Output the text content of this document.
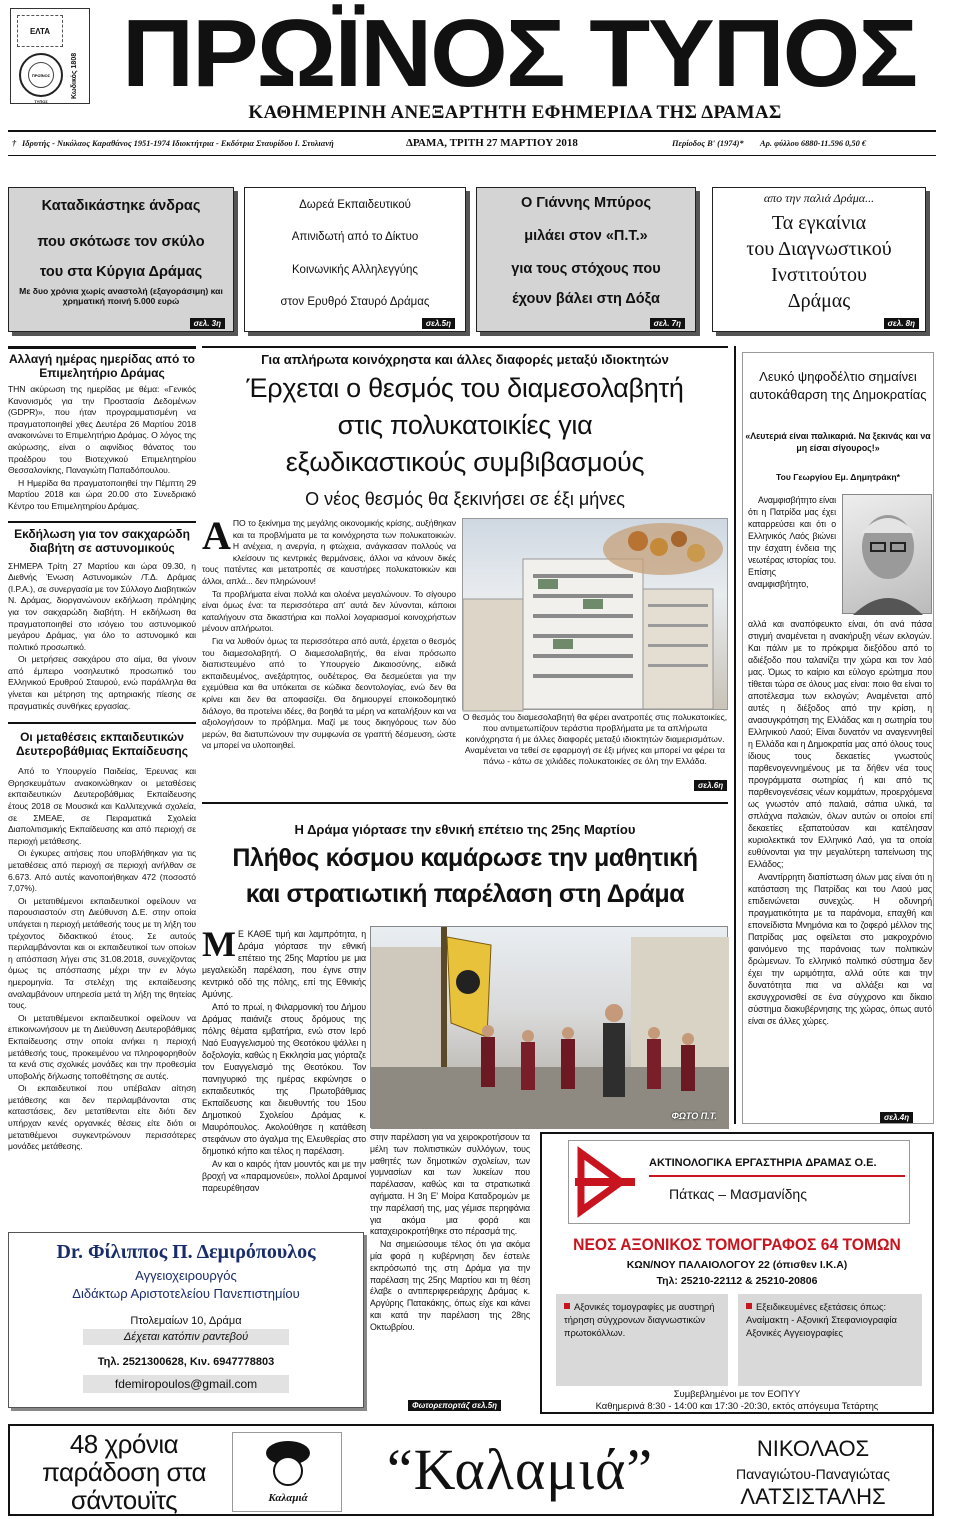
ΕΛΤΑ
ΠΡΩΪΝΟΣ ΤΥΠΟΣ
Κωδικός 1808 ΠΡΩΪΝΟΣ ΤΥΠΟΣ
ΚΑΘΗΜΕΡΙΝΗ ΑΝΕΞΑΡΤΗΤΗ ΕΦΗΜΕΡΙΔΑ ΤΗΣ ΔΡΑΜΑΣ
† Ιδρυτής - Νικόλαος Καραθάνος 1951-1974 Ιδιοκτήτρια - Εκδότρια Σταυρίδου Ι. Στυλιανή	ΔΡΑΜΑ, ΤΡΙΤΗ 27 ΜΑΡΤΙΟΥ 2018	Περίοδος Β' (1974)* Αρ. φύλλου 6880-11.596 0,50 €
Καταδικάστηκε άνδρας
που σκότωσε τον σκύλο
του στα Κύργια Δράμας
Με δυο χρόνια χωρίς αναστολή (εξαγοράσιμη) και χρηματική ποινή 5.000 ευρώ
σελ. 3η
Δωρεά Εκπαιδευτικού
Απινιδωτή από το Δίκτυο
Κοινωνικής Αλληλεγγύης
στον Ερυθρό Σταυρό Δράμας
σελ.5η
Ο Γιάννης Μπύρος
μιλάει στον «Π.Τ.»
για τους στόχους που
έχουν βάλει στη Δόξα
σελ. 7η
απο την παλιά Δράμα...
Τα εγκαίνια
του Διαγνωστικού
Ινστιτούτου
Δράμας
σελ. 8η
Αλλαγή ημέρας ημερίδας από το Επιμελητήριο Δράμας

ΤΗΝ ακύρωση της ημερίδας με θέμα: «Γενικός Κανονισμός για την Προστασία Δεδομένων (GDPR)», που ήταν προγραμματισμένη να πραγματοποιηθεί χθες Δευτέρα 26 Μαρτίου 2018 ανακοινώνει το Επιμελητήριο Δράμας. Ο λόγος της ακύρωσης, είναι ο αιφνίδιος θάνατος του προέδρου του Βιοτεχνικού Επιμελητηρίου Θεσσαλονίκης, Παναγιώτη Παπαδόπουλου.

Η Ημερίδα θα πραγματοποιηθεί την Πέμπτη 29 Μαρτίου 2018 και ώρα 20.00 στο Συνεδριακό Κέντρο του Επιμελητηρίου Δράμας.

Εκδήλωση για τον σακχαρώδη διαβήτη σε αστυνομικούς

ΣΗΜΕΡΑ Τρίτη 27 Μαρτίου και ώρα 09.30, η Διεθνής Ένωση Αστυνομικών /Τ.Δ. Δράμας (I.P.A.), σε συνεργασία με τον Σύλλογο Διαβητικών Ν. Δράμας, διοργανώνουν εκδήλωση πρόληψης για τον σακχαρώδη διαβήτη. Η εκδήλωση θα πραγματοποιηθεί στο ισόγειο του αστυνομικού μεγάρου Δράμας, για όλο το αστυνομικό και πολιτικό προσωπικό.

Οι μετρήσεις σακχάρου στο αίμα, θα γίνουν από έμπειρο νοσηλευτικό προσωπικό του Ελληνικού Ερυθρού Σταυρού, ενώ παράλληλα θα γίνεται και μέτρηση της αρτηριακής πίεσης σε πραγματικές συνθήκες εργασίας.

Οι μεταθέσεις εκπαιδευτικών Δευτεροβάθμιας Εκπαίδευσης

Από το Υπουργείο Παιδείας, Έρευνας και Θρησκευμάτων ανακοινώθηκαν οι μεταθέσεις εκπαιδευτικών Δευτεροβάθμιας Εκπαίδευσης έτους 2018 σε Μουσικά και Καλλιτεχνικά σχολεία, σε ΣΜΕΑΕ, σε Πειραματικά Σχολεία Διαπολιτισμικής Εκπαίδευσης και από περιοχή σε περιοχή μετάθεσης.

Οι έγκυρες αιτήσεις που υποβλήθηκαν για τις μεταθέσεις από περιοχή σε περιοχή ανήλθαν σε 6.673. Από αυτές ικανοποιήθηκαν 472 (ποσοστό 7,07%).

Οι μετατιθέμενοι εκπαιδευτικοί οφείλουν να παρουσιαστούν στη Διεύθυνση Δ.Ε. στην οποία υπάγεται η περιοχή μετάθεσής τους με τη λήξη του τρέχοντος διδακτικού έτους. Σε αυτούς περιλαμβάνονται και οι εκπαιδευτικοί των οποίων η απόσπαση λήγει στις 31.08.2018, συνεχίζοντας όμως τις απόσπασης μέχρι την εν λόγω ημερομηνία. Τα στελέχη της εκπαίδευσης αναλαμβάνουν υπηρεσία μετά τη λήξη της θητείας τους.

Οι μετατιθέμενοι εκπαιδευτικοί οφείλουν να επικοινωνήσουν με τη Διεύθυνση Δευτεροβάθμιας Εκπαίδευσης στην οποία ανήκει η περιοχή μετάθεσής τους, προκειμένου να πληροφορηθούν τα κενά στις σχολικές μονάδες και την προθεσμία υποβολής δήλωσης τοποθέτησης σε αυτές.

Οι εκπαιδευτικοί που υπέβαλαν αίτηση μετάθεσης και δεν περιλαμβάνονται στις καταστάσεις, δεν μετατίθενται είτε διότι δεν υπήρχαν κενές οργανικές θέσεις είτε διότι οι μετατιθέμενοι συγκεντρώνουν περισσότερες μονάδες μετάθεσης.

Για απλήρωτα κοινόχρηστα και άλλες διαφορές μεταξύ ιδιοκτητών
Έρχεται ο θεσμός του διαμεσολαβητή
στις πολυκατοικίες για
εξωδικαστικούς συμβιβασμούς
Ο νέος θεσμός θα ξεκινήσει σε έξι μήνες
Α ΠΟ το ξεκίνημα της μεγάλης οικονομικής κρίσης, αυξήθηκαν και τα προβλήματα με τα κοινόχρηστα των πολυκατοικιών. Η ανέχεια, η ανεργία, η φτώχεια, ανάγκασαν πολλούς να κλείσουν τις κεντρικές θερμάνσεις, άλλοι να κάνουν δικές τους πατέντες και μετατροπές σε καυστήρες πολυκατοικιών και άλλοι, απλά... δεν πληρώνουν!

Τα προβλήματα είναι πολλά και ολοένα μεγαλώνουν. Το σίγουρο είναι όμως ένα: τα περισσότερα απ' αυτά δεν λύνονται, κάποιοι καταλήγουν στα δικαστήρια και πολλοί λογαριασμοί κοινοχρήστων μένουν απλήρωτοι.

Για να λυθούν όμως τα περισσότερα από αυτά, έρχεται ο θεσμός του διαμεσολαβητή. Ο διαμεσολαβητής, θα είναι πρόσωπο διαπιστευμένο από το Υπουργείο Δικαιοσύνης, ειδικά εκπαιδευμένος, ανεξάρτητος, ουδέτερος. Θα δεσμεύεται για την εχεμύθεια και θα υπόκειται σε κώδικα δεοντολογίας, ενώ δεν θα κρίνει και δεν θα αποφασίζει. Θα δημιουργεί εποικοδομητικό διάλογο, θα προτείνει ιδέες, θα βοηθά τα μέρη να καταλήξουν και να αξιολογήσουν το πρόβλημα. Μαζί με τους δικηγόρους των δύο μερών, θα διατυπώνουν την συμφωνία σε γραπτή δέσμευση, ώστε να μπορεί να υλοποιηθεί.

Ο θεσμός του διαμεσολαβητή θα φέρει ανατροπές στις πολυκατοικίες, που αντιμετωπίζουν τεράστια προβλήματα με τα απλήρωτα κοινόχρηστα ή με άλλες διαφορές μεταξύ ιδιοκτητών διαμερισμάτων. Αναμένεται να τεθεί σε εφαρμογή σε έξι μήνες και μπορεί να φέρει τα πάνω - κάτω σε χιλιάδες πολυκατοικίες σε όλη την Ελλάδα.
σελ.6η
Λευκό ψηφοδέλτιο σημαίνει αυτοκάθαρση της Δημοκρατίας
«Λευτεριά είναι παλικαριά. Να ξεκινάς και να μη είσαι σίγουρος!»
Του Γεωργίου Εμ. Δημητράκη*

Αναμφισβήτητο είναι ότι η Πατρίδα μας έχει καταρρεύσει και ότι ο Ελληνικός Λαός βιώνει την έσχατη ένδεια της νεωτέρας ιστορίας του. Επίσης αναμφισβήτητο,

αλλά και αναπόφευκτο είναι, ότι ανά πάσα στιγμή αναμένεται η ανακήρυξη νέων εκλογών. Και πάλιν με το πρόκριμα διεξόδου από το αδιέξοδο που ταλανίζει την χώρα και τον λαό μας. Όμως το καίριο και εύλογο ερώτημα που τίθεται τώρα σε όλους μας είναι: ποιο θα είναι το αποτέλεσμα των εκλογών; Αναμένεται από αυτές η διέξοδος από την κρίση, η ανασυγκρότηση της Ελλάδας και η σωτηρία του Ελληνικού Λαού; Είναι δυνατόν να αναγεννηθεί η Ελλάδα και η Δημοκρατία μας από όλους τους ίδιους τους δεκαετίες γνωστούς παρθενογεννημένους με τα δήθεν νέα τους προγράμματα σωτηρίας ή και από τις παρθενογενέσεις νέων κομμάτων, προερχόμενα ως γνωστόν από παλαιά, σάπια υλικά, τα σπλάχνα παλαιών, όλων αυτών οι οποίοι επί δεκαετίες εξαπατούσαν και κατέλησαν κυριολεκτικά τον Ελληνικό Λαό, για τα οποία ευθύνονται για την μεγαλύτερη ταπείνωση της Ελλάδος;

Αναντίρρητη διαπίστωση όλων μας είναι ότι η κατάσταση της Πατρίδας και του Λαού μας επιδεινώνεται συνεχώς. Η οδυνηρή πραγματικότητα με τα παράνομα, επαχθή και επονείδιστα Μνημόνια και το ζοφερό μέλλον της Πατρίδας μας οφείλεται στο μακροχρόνιο φαινόμενο της παράνοιας των πολιτικών δρώμενων. Το ελληνικό πολιτικό σύστημα δεν έχει την ωριμότητα, αλλά ούτε και την δυνατότητα πια να αλλάξει και να εκσυγχρονισθεί σε ένα σύγχρονο και δίκαιο σύστημα διακυβέρνησης της χώρας, όπως αυτό είναι σε άλλες χώρες.

σελ.4η
Η Δράμα γιόρτασε την εθνική επέτειο της 25ης Μαρτίου
Πλήθος κόσμου καμάρωσε την μαθητική
και στρατιωτική παρέλαση στη Δράμα
Μ Ε ΚΑΘΕ τιμή και λαμπρότητα, η Δράμα γιόρτασε την εθνική επέτειο της 25ης Μαρτίου με μια μεγαλειώδη παρέλαση, που έγινε στην κεντρικό οδό της πόλης, επί της Εθνικής Αμύνης.

Από το πρωί, η Φιλαρμονική του Δήμου Δράμας παιάνιζε στους δρόμους της πόλης θέματα εμβατήρια, ενώ στον Ιερό Ναό Ευαγγελισμού της Θεοτόκου ψάλλει η δοξολογία, καθώς η Εκκλησία μας γιόρταζε τον Ευαγγελισμό της Θεοτόκου. Τον πανηγυρικό της ημέρας εκφώνησε ο εκπαιδευτικός της Πρωτοβάθμιας Εκπαίδευσης και διευθυντής του 15ου Δημοτικού Σχολείου Δράμας κ. Μαυρόπουλος. Ακολούθησε η κατάθεση στεφάνων στο άγαλμα της Ελευθερίας στο δημοτικό κήπο και τέλος η παρέλαση.

Αν και ο καιρός ήταν μουντός και με την βροχή να «παραμονεύει», πολλοί Δραμινοί παρευρέθησαν

ΦΩΤΟ Π.Τ.

στην παρέλαση για να χειροκροτήσουν τα μέλη των πολιτιστικών συλλόγων, τους μαθητές των δημοτικών σχολείων, των γυμνασίων και των λυκείων που παρέλασαν, καθώς και τα στρατιωτικά αγήματα. Η 3η Ε' Μοίρα Καταδρομών με την παρέλασή της, μας γέμισε περηφάνια για ακόμα μια φορά και καταχειροκροτήθηκε στο πέρασμά της.

Να σημειώσουμε τέλος ότι για ακόμα μία φορά η κυβέρνηση δεν έστειλε εκπρόσωπό της στη Δράμα για την παρέλαση της 25ης Μαρτίου και τη θέση έλαβε ο αντιπεριφερειάρχης Δράμας κ. Αργύρης Πατακάκης, όπως είχε και κάνει και κατά την παρέλαση της 28ης Οκτωβρίου.

Φωτορεπορτάζ σελ.5η
Dr. Φίλιππος Π. Δεμιρόπουλος
Αγγειοχειρουργός
Διδάκτωρ Αριστοτελείου Πανεπιστημίου
Πτολεμαίων 10, Δράμα
Δέχεται κατόπιν ραντεβού
Τηλ. 2521300628, Κιν. 6947778803
fdemiropoulos@gmail.com
ΑΚΤΙΝΟΛΟΓΙΚΑ ΕΡΓΑΣΤΗΡΙΑ ΔΡΑΜΑΣ Ο.Ε.
Πάτκας – Μασμανίδης
ΝΕΟΣ ΑΞΟΝΙΚΟΣ ΤΟΜΟΓΡΑΦΟΣ 64 ΤΟΜΩΝ
ΚΩΝ/ΝΟΥ ΠΑΛΑΙΟΛΟΓΟΥ 22 (όπισθεν Ι.Κ.Α)
Τηλ: 25210-22112 & 25210-20806
Αξονικές τομογραφίες με αυστηρή τήρηση σύγχρονων διαγνωστικών πρωτοκόλλων.
Εξειδικευμένες εξετάσεις όπως: Αναίμακτη - Αξονική Στεφανιογραφία Αξονικές Αγγειογραφίες
Συμβεβλημένοι με τον ΕΟΠΥΥ
Καθημερινά 8:30 - 14:00 και 17:30 -20:30, εκτός απόγευμα Τετάρτης
48 χρόνια παράδοση στα σάντουϊτς	Καλαμιά	“Καλαμιά”	ΝΙΚΟΛΑΟΣ
Παναγιώτου-Παναγιώτας
ΛΑΤΣΙΣΤΑΛΗΣ
